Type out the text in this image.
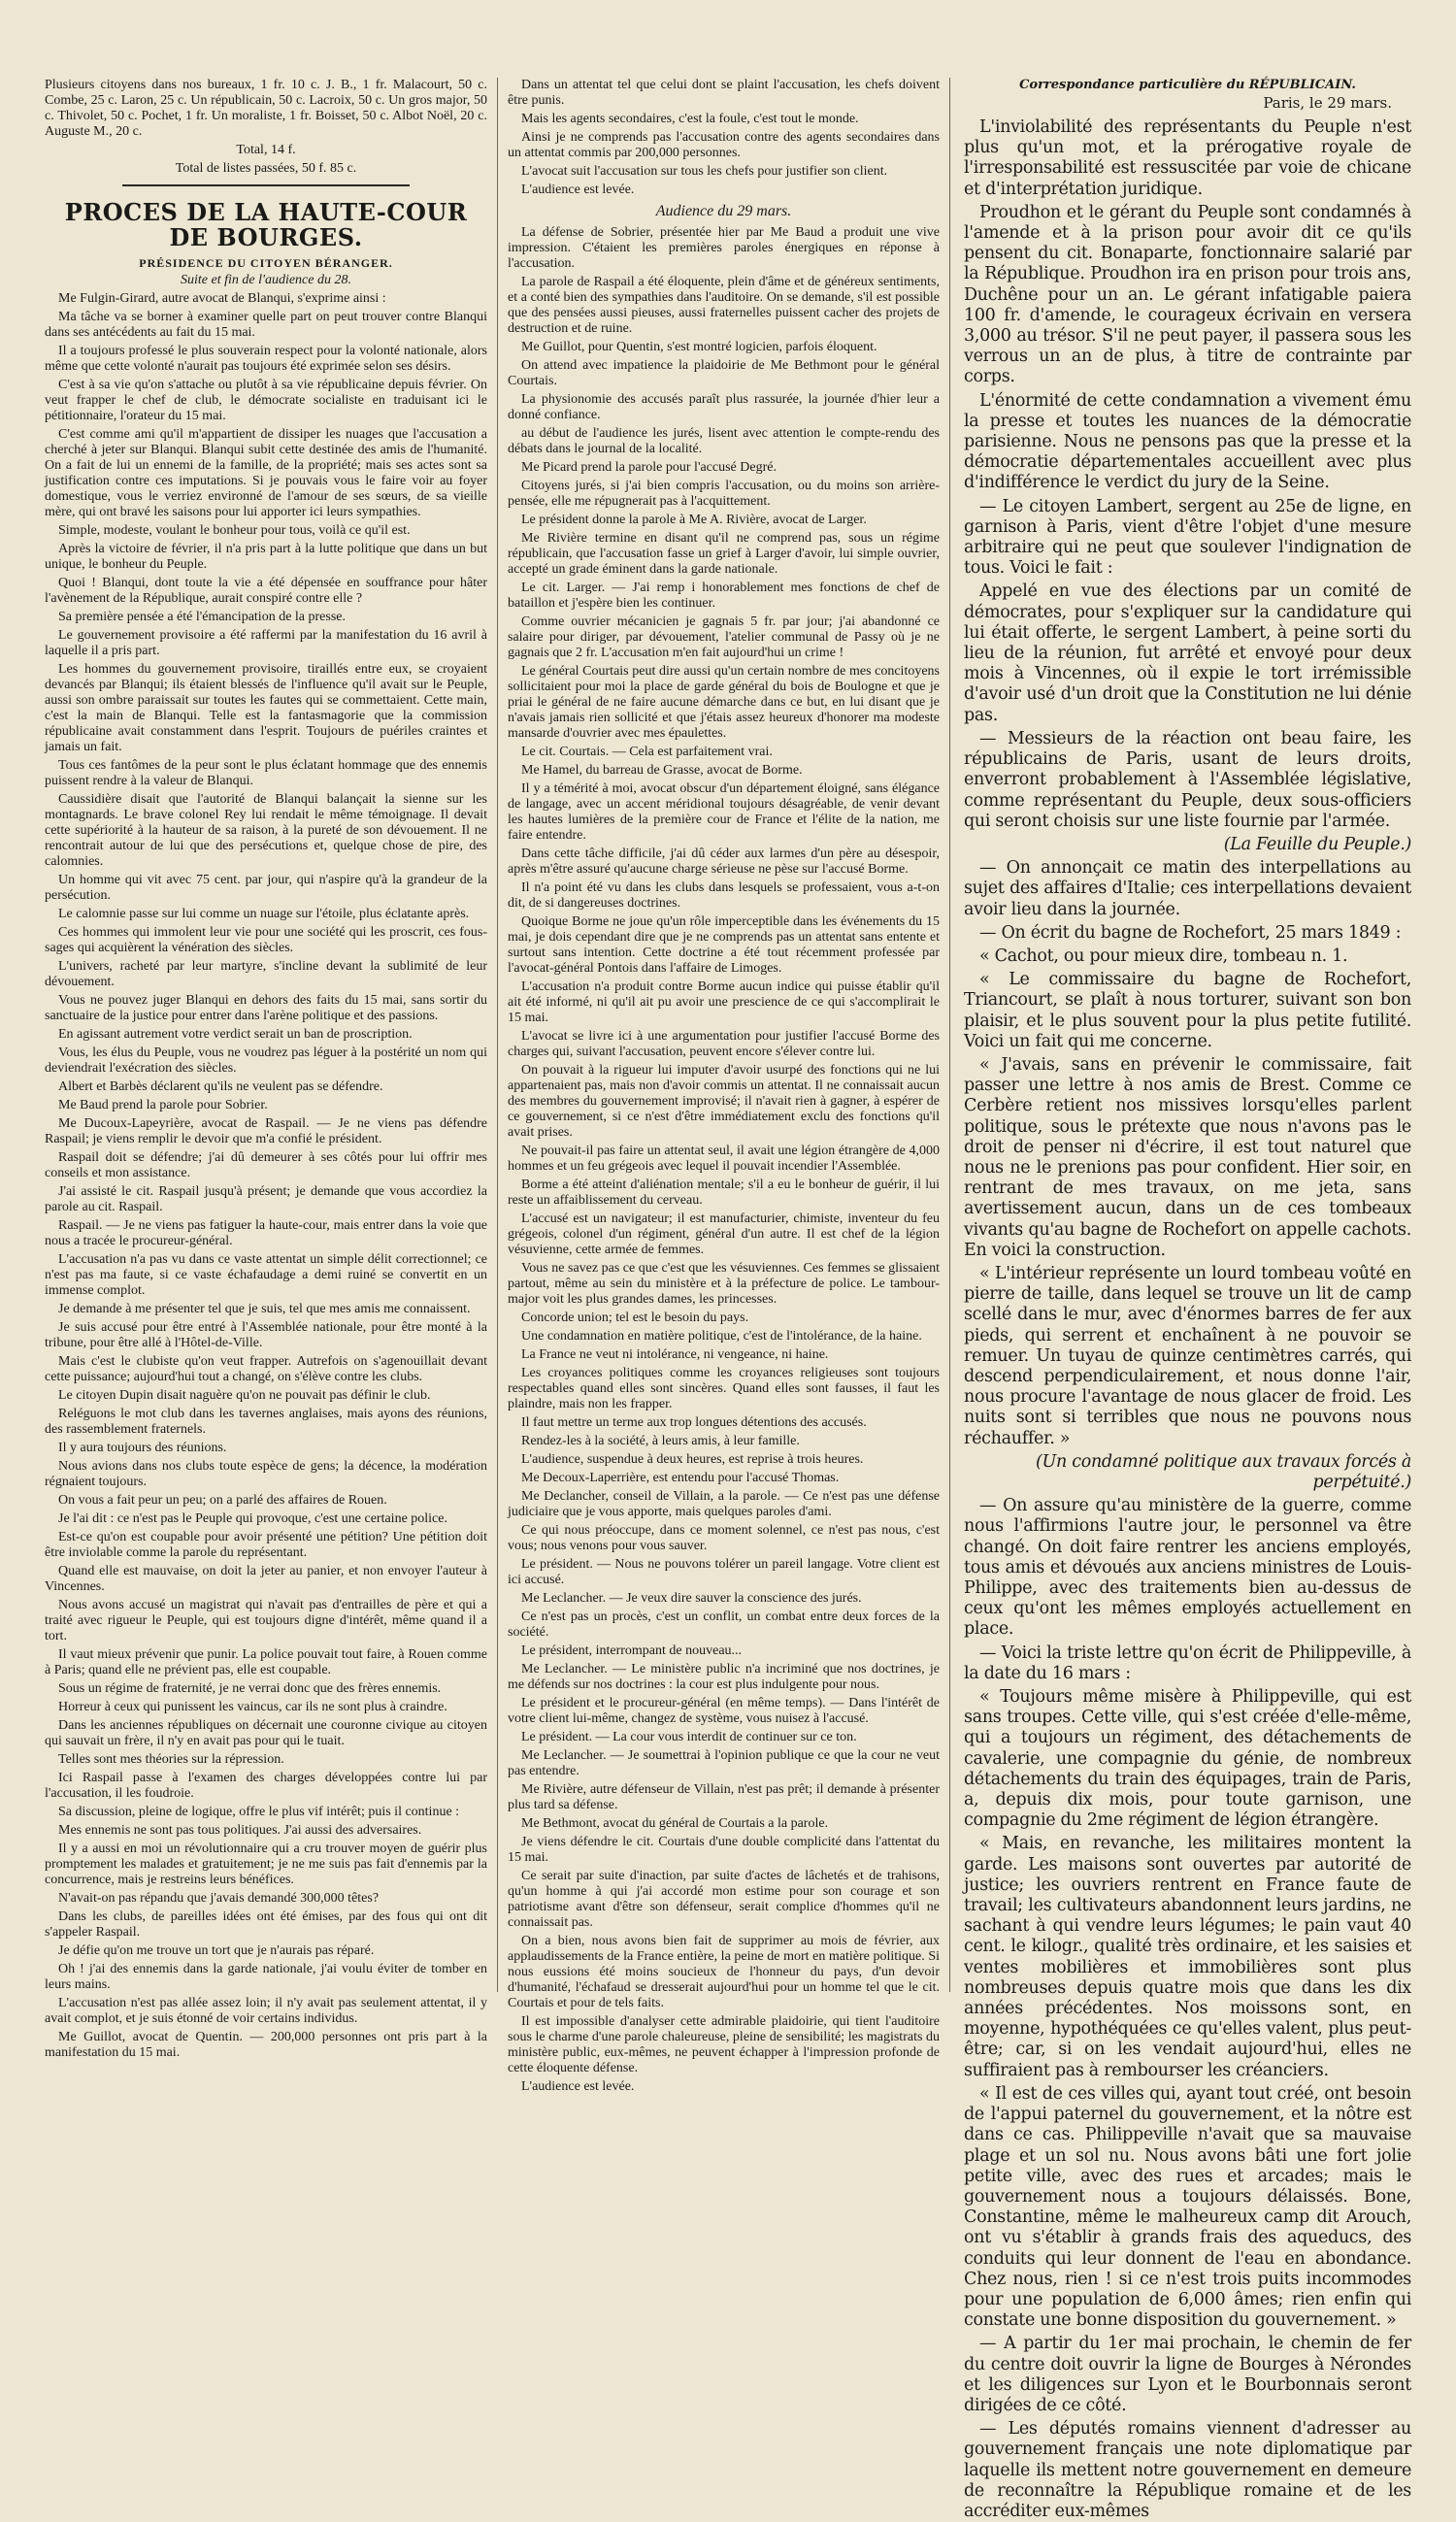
Plusieurs citoyens dans nos bureaux, 1 fr. 10 c. J. B., 1 fr. Malacourt, 50 c. Combe, 25 c. Laron, 25 c. Un républicain, 50 c. Lacroix, 50 c. Un gros major, 50 c. Thivolet, 50 c. Pochet, 1 fr. Un moraliste, 1 fr. Boisset, 50 c. Albot Noël, 20 c. Auguste M., 20 c.

Total, 14 f.

Total de listes passées, 50 f. 85 c.

PROCES DE LA HAUTE-COUR DE BOURGES.
PRÉSIDENCE DU CITOYEN BÉRANGER.

Suite et fin de l'audience du 28.

Me Fulgin-Girard, autre avocat de Blanqui, s'exprime ainsi :

Ma tâche va se borner à examiner quelle part on peut trouver contre Blanqui dans ses antécédents au fait du 15 mai.

Il a toujours professé le plus souverain respect pour la volonté nationale, alors même que cette volonté n'aurait pas toujours été exprimée selon ses désirs.

C'est à sa vie qu'on s'attache ou plutôt à sa vie républicaine depuis février. On veut frapper le chef de club, le démocrate socialiste en traduisant ici le pétitionnaire, l'orateur du 15 mai.

C'est comme ami qu'il m'appartient de dissiper les nuages que l'accusation a cherché à jeter sur Blanqui. Blanqui subit cette destinée des amis de l'humanité. On a fait de lui un ennemi de la famille, de la propriété; mais ses actes sont sa justification contre ces imputations. Si je pouvais vous le faire voir au foyer domestique, vous le verriez environné de l'amour de ses sœurs, de sa vieille mère, qui ont bravé les saisons pour lui apporter ici leurs sympathies.

Simple, modeste, voulant le bonheur pour tous, voilà ce qu'il est.

Après la victoire de février, il n'a pris part à la lutte politique que dans un but unique, le bonheur du Peuple.

Quoi ! Blanqui, dont toute la vie a été dépensée en souffrance pour hâter l'avènement de la République, aurait conspiré contre elle ?

Sa première pensée a été l'émancipation de la presse.

Le gouvernement provisoire a été raffermi par la manifestation du 16 avril à laquelle il a pris part.

Les hommes du gouvernement provisoire, tiraillés entre eux, se croyaient devancés par Blanqui; ils étaient blessés de l'influence qu'il avait sur le Peuple, aussi son ombre paraissait sur toutes les fautes qui se commettaient. Cette main, c'est la main de Blanqui. Telle est la fantasmagorie que la commission républicaine avait constamment dans l'esprit. Toujours de puériles craintes et jamais un fait.

Tous ces fantômes de la peur sont le plus éclatant hommage que des ennemis puissent rendre à la valeur de Blanqui.

Caussidière disait que l'autorité de Blanqui balançait la sienne sur les montagnards. Le brave colonel Rey lui rendait le même témoignage. Il devait cette supériorité à la hauteur de sa raison, à la pureté de son dévouement. Il ne rencontrait autour de lui que des persécutions et, quelque chose de pire, des calomnies.

Un homme qui vit avec 75 cent. par jour, qui n'aspire qu'à la grandeur de la persécution.

Le calomnie passe sur lui comme un nuage sur l'étoile, plus éclatante après.

Ces hommes qui immolent leur vie pour une société qui les proscrit, ces fous-sages qui acquièrent la vénération des siècles.

L'univers, racheté par leur martyre, s'incline devant la sublimité de leur dévouement.

Vous ne pouvez juger Blanqui en dehors des faits du 15 mai, sans sortir du sanctuaire de la justice pour entrer dans l'arène politique et des passions.

En agissant autrement votre verdict serait un ban de proscription.

Vous, les élus du Peuple, vous ne voudrez pas léguer à la postérité un nom qui deviendrait l'exécration des siècles.

Albert et Barbès déclarent qu'ils ne veulent pas se défendre.

Me Baud prend la parole pour Sobrier.

Me Ducoux-Lapeyrière, avocat de Raspail. — Je ne viens pas défendre Raspail; je viens remplir le devoir que m'a confié le président.

Raspail doit se défendre; j'ai dû demeurer à ses côtés pour lui offrir mes conseils et mon assistance.

J'ai assisté le cit. Raspail jusqu'à présent; je demande que vous accordiez la parole au cit. Raspail.

Raspail. — Je ne viens pas fatiguer la haute-cour, mais entrer dans la voie que nous a tracée le procureur-général.

L'accusation n'a pas vu dans ce vaste attentat un simple délit correctionnel; ce n'est pas ma faute, si ce vaste échafaudage a demi ruiné se convertit en un immense complot.

Je demande à me présenter tel que je suis, tel que mes amis me connaissent.

Je suis accusé pour être entré à l'Assemblée nationale, pour être monté à la tribune, pour être allé à l'Hôtel-de-Ville.

Mais c'est le clubiste qu'on veut frapper. Autrefois on s'agenouillait devant cette puissance; aujourd'hui tout a changé, on s'élève contre les clubs.

Le citoyen Dupin disait naguère qu'on ne pouvait pas définir le club.

Reléguons le mot club dans les tavernes anglaises, mais ayons des réunions, des rassemblement fraternels.

Il y aura toujours des réunions.

Nous avions dans nos clubs toute espèce de gens; la décence, la modération régnaient toujours.

On vous a fait peur un peu; on a parlé des affaires de Rouen.

Je l'ai dit : ce n'est pas le Peuple qui provoque, c'est une certaine police.

Est-ce qu'on est coupable pour avoir présenté une pétition? Une pétition doit être inviolable comme la parole du représentant.

Quand elle est mauvaise, on doit la jeter au panier, et non envoyer l'auteur à Vincennes.

Nous avons accusé un magistrat qui n'avait pas d'entrailles de père et qui a traité avec rigueur le Peuple, qui est toujours digne d'intérêt, même quand il a tort.

Il vaut mieux prévenir que punir. La police pouvait tout faire, à Rouen comme à Paris; quand elle ne prévient pas, elle est coupable.

Sous un régime de fraternité, je ne verrai donc que des frères ennemis.

Horreur à ceux qui punissent les vaincus, car ils ne sont plus à craindre.

Dans les anciennes républiques on décernait une couronne civique au citoyen qui sauvait un frère, il n'y en avait pas pour qui le tuait.

Telles sont mes théories sur la répression.

Ici Raspail passe à l'examen des charges développées contre lui par l'accusation, il les foudroie.

Sa discussion, pleine de logique, offre le plus vif intérêt; puis il continue :

Mes ennemis ne sont pas tous politiques. J'ai aussi des adversaires.

Il y a aussi en moi un révolutionnaire qui a cru trouver moyen de guérir plus promptement les malades et gratuitement; je ne me suis pas fait d'ennemis par la concurrence, mais je restreins leurs bénéfices.

N'avait-on pas répandu que j'avais demandé 300,000 têtes?

Dans les clubs, de pareilles idées ont été émises, par des fous qui ont dit s'appeler Raspail.

Je défie qu'on me trouve un tort que je n'aurais pas réparé.

Oh ! j'ai des ennemis dans la garde nationale, j'ai voulu éviter de tomber en leurs mains.

L'accusation n'est pas allée assez loin; il n'y avait pas seulement attentat, il y avait complot, et je suis étonné de voir certains individus.

Me Guillot, avocat de Quentin. — 200,000 personnes ont pris part à la manifestation du 15 mai.

Dans un attentat tel que celui dont se plaint l'accusation, les chefs doivent être punis.

Mais les agents secondaires, c'est la foule, c'est tout le monde.

Ainsi je ne comprends pas l'accusation contre des agents secondaires dans un attentat commis par 200,000 personnes.

L'avocat suit l'accusation sur tous les chefs pour justifier son client.

L'audience est levée.

Audience du 29 mars.

La défense de Sobrier, présentée hier par Me Baud a produit une vive impression. C'étaient les premières paroles énergiques en réponse à l'accusation.

La parole de Raspail a été éloquente, plein d'âme et de généreux sentiments, et a conté bien des sympathies dans l'auditoire. On se demande, s'il est possible que des pensées aussi pieuses, aussi fraternelles puissent cacher des projets de destruction et de ruine.

Me Guillot, pour Quentin, s'est montré logicien, parfois éloquent.

On attend avec impatience la plaidoirie de Me Bethmont pour le général Courtais.

La physionomie des accusés paraît plus rassurée, la journée d'hier leur a donné confiance.

au début de l'audience les jurés, lisent avec attention le compte-rendu des débats dans le journal de la localité.

Me Picard prend la parole pour l'accusé Degré.

Citoyens jurés, si j'ai bien compris l'accusation, ou du moins son arrière-pensée, elle me répugnerait pas à l'acquittement.

Le président donne la parole à Me A. Rivière, avocat de Larger.

Me Rivière termine en disant qu'il ne comprend pas, sous un régime républicain, que l'accusation fasse un grief à Larger d'avoir, lui simple ouvrier, accepté un grade éminent dans la garde nationale.

Le cit. Larger. — J'ai remp i honorablement mes fonctions de chef de bataillon et j'espère bien les continuer.

Comme ouvrier mécanicien je gagnais 5 fr. par jour; j'ai abandonné ce salaire pour diriger, par dévouement, l'atelier communal de Passy où je ne gagnais que 2 fr. L'accusation m'en fait aujourd'hui un crime !

Le général Courtais peut dire aussi qu'un certain nombre de mes concitoyens sollicitaient pour moi la place de garde général du bois de Boulogne et que je priai le général de ne faire aucune démarche dans ce but, en lui disant que je n'avais jamais rien sollicité et que j'étais assez heureux d'honorer ma modeste mansarde d'ouvrier avec mes épaulettes.

Le cit. Courtais. — Cela est parfaitement vrai.

Me Hamel, du barreau de Grasse, avocat de Borme.

Il y a témérité à moi, avocat obscur d'un département éloigné, sans élégance de langage, avec un accent méridional toujours désagréable, de venir devant les hautes lumières de la première cour de France et l'élite de la nation, me faire entendre.

Dans cette tâche difficile, j'ai dû céder aux larmes d'un père au désespoir, après m'être assuré qu'aucune charge sérieuse ne pèse sur l'accusé Borme.

Il n'a point été vu dans les clubs dans lesquels se professaient, vous a-t-on dit, de si dangereuses doctrines.

Quoique Borme ne joue qu'un rôle imperceptible dans les événements du 15 mai, je dois cependant dire que je ne comprends pas un attentat sans entente et surtout sans intention. Cette doctrine a été tout récemment professée par l'avocat-général Pontois dans l'affaire de Limoges.

L'accusation n'a produit contre Borme aucun indice qui puisse établir qu'il ait été informé, ni qu'il ait pu avoir une prescience de ce qui s'accomplirait le 15 mai.

L'avocat se livre ici à une argumentation pour justifier l'accusé Borme des charges qui, suivant l'accusation, peuvent encore s'élever contre lui.

On pouvait à la rigueur lui imputer d'avoir usurpé des fonctions qui ne lui appartenaient pas, mais non d'avoir commis un attentat. Il ne connaissait aucun des membres du gouvernement improvisé; il n'avait rien à gagner, à espérer de ce gouvernement, si ce n'est d'être immédiatement exclu des fonctions qu'il avait prises.

Ne pouvait-il pas faire un attentat seul, il avait une légion étrangère de 4,000 hommes et un feu grégeois avec lequel il pouvait incendier l'Assemblée.

Borme a été atteint d'aliénation mentale; s'il a eu le bonheur de guérir, il lui reste un affaiblissement du cerveau.

L'accusé est un navigateur; il est manufacturier, chimiste, inventeur du feu grégeois, colonel d'un régiment, général d'un autre. Il est chef de la légion vésuvienne, cette armée de femmes.

Vous ne savez pas ce que c'est que les vésuviennes. Ces femmes se glissaient partout, même au sein du ministère et à la préfecture de police. Le tambour-major voit les plus grandes dames, les princesses.

Concorde union; tel est le besoin du pays.

Une condamnation en matière politique, c'est de l'intolérance, de la haine.

La France ne veut ni intolérance, ni vengeance, ni haine.

Les croyances politiques comme les croyances religieuses sont toujours respectables quand elles sont sincères. Quand elles sont fausses, il faut les plaindre, mais non les frapper.

Il faut mettre un terme aux trop longues détentions des accusés.

Rendez-les à la société, à leurs amis, à leur famille.

L'audience, suspendue à deux heures, est reprise à trois heures.

Me Decoux-Laperrière, est entendu pour l'accusé Thomas.

Me Declancher, conseil de Villain, a la parole. — Ce n'est pas une défense judiciaire que je vous apporte, mais quelques paroles d'ami.

Ce qui nous préoccupe, dans ce moment solennel, ce n'est pas nous, c'est vous; nous venons pour vous sauver.

Le président. — Nous ne pouvons tolérer un pareil langage. Votre client est ici accusé.

Me Leclancher. — Je veux dire sauver la conscience des jurés.

Ce n'est pas un procès, c'est un conflit, un combat entre deux forces de la société.

Le président, interrompant de nouveau...

Me Leclancher. — Le ministère public n'a incriminé que nos doctrines, je me défends sur nos doctrines : la cour est plus indulgente pour nous.

Le président et le procureur-général (en même temps). — Dans l'intérêt de votre client lui-même, changez de système, vous nuisez à l'accusé.

Le président. — La cour vous interdit de continuer sur ce ton.

Me Leclancher. — Je soumettrai à l'opinion publique ce que la cour ne veut pas entendre.

Me Rivière, autre défenseur de Villain, n'est pas prêt; il demande à présenter plus tard sa défense.

Me Bethmont, avocat du général de Courtais a la parole.

Je viens défendre le cit. Courtais d'une double complicité dans l'attentat du 15 mai.

Ce serait par suite d'inaction, par suite d'actes de lâchetés et de trahisons, qu'un homme à qui j'ai accordé mon estime pour son courage et son patriotisme avant d'être son défenseur, serait complice d'hommes qu'il ne connaissait pas.

On a bien, nous avons bien fait de supprimer au mois de février, aux applaudissements de la France entière, la peine de mort en matière politique. Si nous eussions été moins soucieux de l'honneur du pays, d'un devoir d'humanité, l'échafaud se dresserait aujourd'hui pour un homme tel que le cit. Courtais et pour de tels faits.

Il est impossible d'analyser cette admirable plaidoirie, qui tient l'auditoire sous le charme d'une parole chaleureuse, pleine de sensibilité; les magistrats du ministère public, eux-mêmes, ne peuvent échapper à l'impression profonde de cette éloquente défense.

L'audience est levée.

Correspondance particulière du RÉPUBLICAIN.
Paris, le 29 mars.

L'inviolabilité des représentants du Peuple n'est plus qu'un mot, et la prérogative royale de l'irresponsabilité est ressuscitée par voie de chicane et d'interprétation juridique.

Proudhon et le gérant du Peuple sont condamnés à l'amende et à la prison pour avoir dit ce qu'ils pensent du cit. Bonaparte, fonctionnaire salarié par la République. Proudhon ira en prison pour trois ans, Duchêne pour un an. Le gérant infatigable paiera 100 fr. d'amende, le courageux écrivain en versera 3,000 au trésor. S'il ne peut payer, il passera sous les verrous un an de plus, à titre de contrainte par corps.

L'énormité de cette condamnation a vivement ému la presse et toutes les nuances de la démocratie parisienne. Nous ne pensons pas que la presse et la démocratie départementales accueillent avec plus d'indifférence le verdict du jury de la Seine.

— Le citoyen Lambert, sergent au 25e de ligne, en garnison à Paris, vient d'être l'objet d'une mesure arbitraire qui ne peut que soulever l'indignation de tous. Voici le fait :

Appelé en vue des élections par un comité de démocrates, pour s'expliquer sur la candidature qui lui était offerte, le sergent Lambert, à peine sorti du lieu de la réunion, fut arrêté et envoyé pour deux mois à Vincennes, où il expie le tort irrémissible d'avoir usé d'un droit que la Constitution ne lui dénie pas.

— Messieurs de la réaction ont beau faire, les républicains de Paris, usant de leurs droits, enverront probablement à l'Assemblée législative, comme représentant du Peuple, deux sous-officiers qui seront choisis sur une liste fournie par l'armée.

(La Feuille du Peuple.)

— On annonçait ce matin des interpellations au sujet des affaires d'Italie; ces interpellations devaient avoir lieu dans la journée.

— On écrit du bagne de Rochefort, 25 mars 1849 :

« Cachot, ou pour mieux dire, tombeau n. 1.

« Le commissaire du bagne de Rochefort, Triancourt, se plaît à nous torturer, suivant son bon plaisir, et le plus souvent pour la plus petite futilité. Voici un fait qui me concerne.

« J'avais, sans en prévenir le commissaire, fait passer une lettre à nos amis de Brest. Comme ce Cerbère retient nos missives lorsqu'elles parlent politique, sous le prétexte que nous n'avons pas le droit de penser ni d'écrire, il est tout naturel que nous ne le prenions pas pour confident. Hier soir, en rentrant de mes travaux, on me jeta, sans avertissement aucun, dans un de ces tombeaux vivants qu'au bagne de Rochefort on appelle cachots. En voici la construction.

« L'intérieur représente un lourd tombeau voûté en pierre de taille, dans lequel se trouve un lit de camp scellé dans le mur, avec d'énormes barres de fer aux pieds, qui serrent et enchaînent à ne pouvoir se remuer. Un tuyau de quinze centimètres carrés, qui descend perpendiculairement, et nous donne l'air, nous procure l'avantage de nous glacer de froid. Les nuits sont si terribles que nous ne pouvons nous réchauffer. »

(Un condamné politique aux travaux forcés à perpétuité.)

— On assure qu'au ministère de la guerre, comme nous l'affirmions l'autre jour, le personnel va être changé. On doit faire rentrer les anciens employés, tous amis et dévoués aux anciens ministres de Louis-Philippe, avec des traitements bien au-dessus de ceux qu'ont les mêmes employés actuellement en place.

— Voici la triste lettre qu'on écrit de Philippeville, à la date du 16 mars :

« Toujours même misère à Philippeville, qui est sans troupes. Cette ville, qui s'est créée d'elle-même, qui a toujours un régiment, des détachements de cavalerie, une compagnie du génie, de nombreux détachements du train des équipages, train de Paris, a, depuis dix mois, pour toute garnison, une compagnie du 2me régiment de légion étrangère.

« Mais, en revanche, les militaires montent la garde. Les maisons sont ouvertes par autorité de justice; les ouvriers rentrent en France faute de travail; les cultivateurs abandonnent leurs jardins, ne sachant à qui vendre leurs légumes; le pain vaut 40 cent. le kilogr., qualité très ordinaire, et les saisies et ventes mobilières et immobilières sont plus nombreuses depuis quatre mois que dans les dix années précédentes. Nos moissons sont, en moyenne, hypothéquées ce qu'elles valent, plus peut-être; car, si on les vendait aujourd'hui, elles ne suffiraient pas à rembourser les créanciers.

« Il est de ces villes qui, ayant tout créé, ont besoin de l'appui paternel du gouvernement, et la nôtre est dans ce cas. Philippeville n'avait que sa mauvaise plage et un sol nu. Nous avons bâti une fort jolie petite ville, avec des rues et arcades; mais le gouvernement nous a toujours délaissés. Bone, Constantine, même le malheureux camp dit Arouch, ont vu s'établir à grands frais des aqueducs, des conduits qui leur donnent de l'eau en abondance. Chez nous, rien ! si ce n'est trois puits incommodes pour une population de 6,000 âmes; rien enfin qui constate une bonne disposition du gouvernement. »

— A partir du 1er mai prochain, le chemin de fer du centre doit ouvrir la ligne de Bourges à Nérondes et les diligences sur Lyon et le Bourbonnais seront dirigées de ce côté.

— Les députés romains viennent d'adresser au gouvernement français une note diplomatique par laquelle ils mettent notre gouvernement en demeure de reconnaître la République romaine et de les accréditer eux-mêmes
